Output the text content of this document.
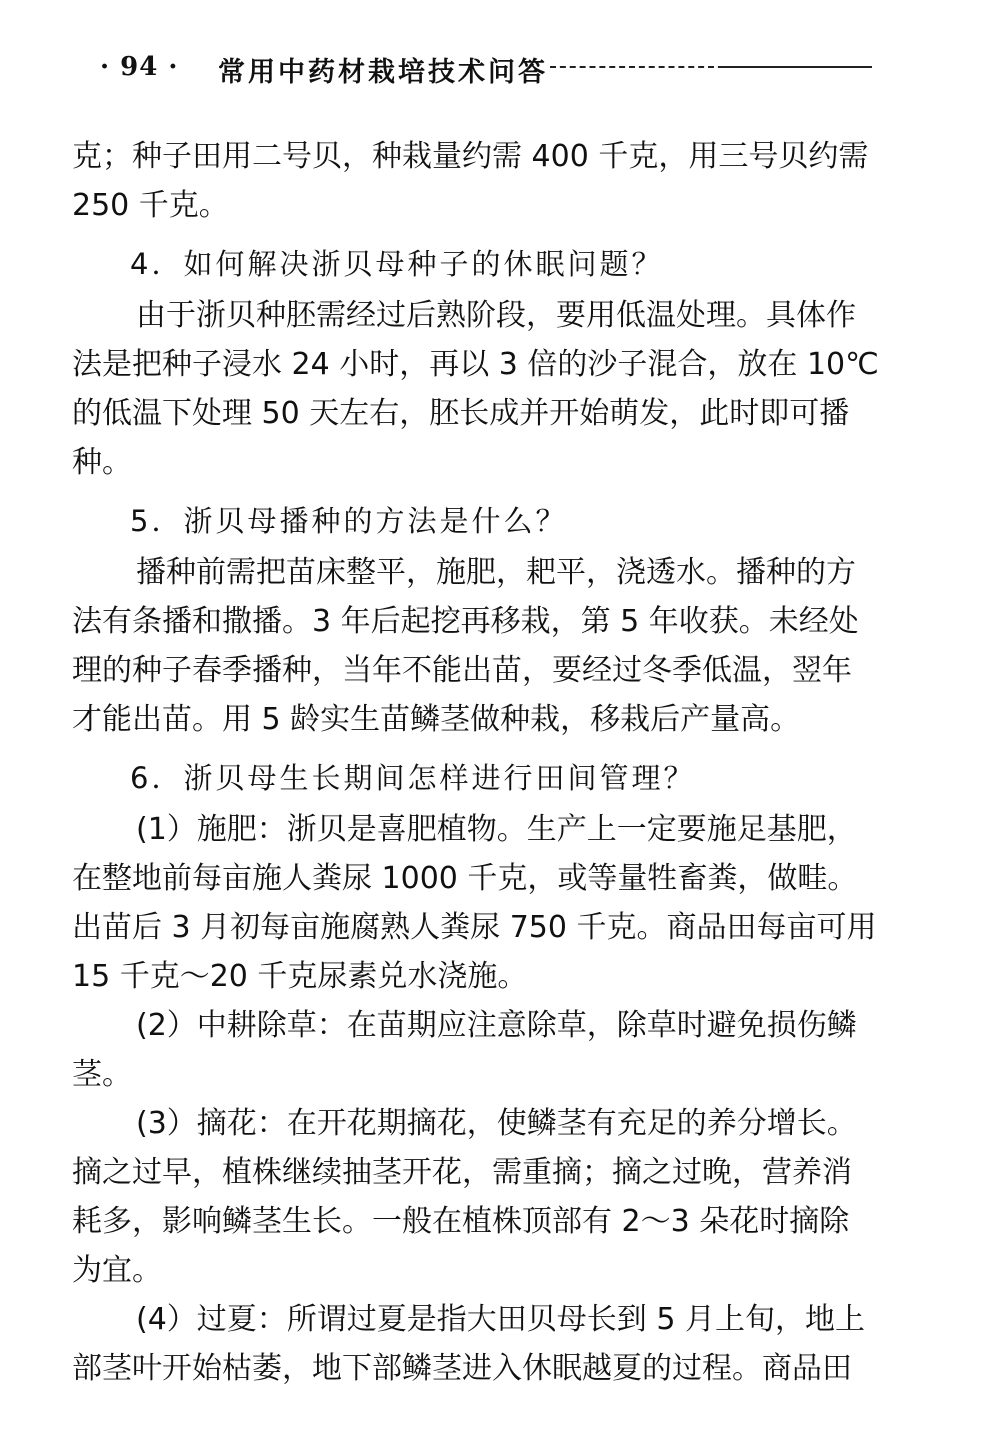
· 94 · 常用中药材栽培技术问答
克；种子田用二号贝，种栽量约需 400 千克，用三号贝约需
250 千克。
4．如何解决浙贝母种子的休眠问题？
由于浙贝种胚需经过后熟阶段，要用低温处理。具体作
法是把种子浸水 24 小时，再以 3 倍的沙子混合，放在 10℃
的低温下处理 50 天左右，胚长成并开始萌发，此时即可播
种。
5．浙贝母播种的方法是什么？
播种前需把苗床整平，施肥，耙平，浇透水。播种的方
法有条播和撒播。3 年后起挖再移栽，第 5 年收获。未经处
理的种子春季播种，当年不能出苗，要经过冬季低温，翌年
才能出苗。用 5 龄实生苗鳞茎做种栽，移栽后产量高。
6．浙贝母生长期间怎样进行田间管理？
(1）施肥：浙贝是喜肥植物。生产上一定要施足基肥，
在整地前每亩施人粪尿 1000 千克，或等量牲畜粪，做畦。
出苗后 3 月初每亩施腐熟人粪尿 750 千克。商品田每亩可用
15 千克～20 千克尿素兑水浇施。
(2）中耕除草：在苗期应注意除草，除草时避免损伤鳞
茎。
(3）摘花：在开花期摘花，使鳞茎有充足的养分增长。
摘之过早，植株继续抽茎开花，需重摘；摘之过晚，营养消
耗多，影响鳞茎生长。一般在植株顶部有 2～3 朵花时摘除
为宜。
(4）过夏：所谓过夏是指大田贝母长到 5 月上旬，地上
部茎叶开始枯萎，地下部鳞茎进入休眠越夏的过程。商品田
